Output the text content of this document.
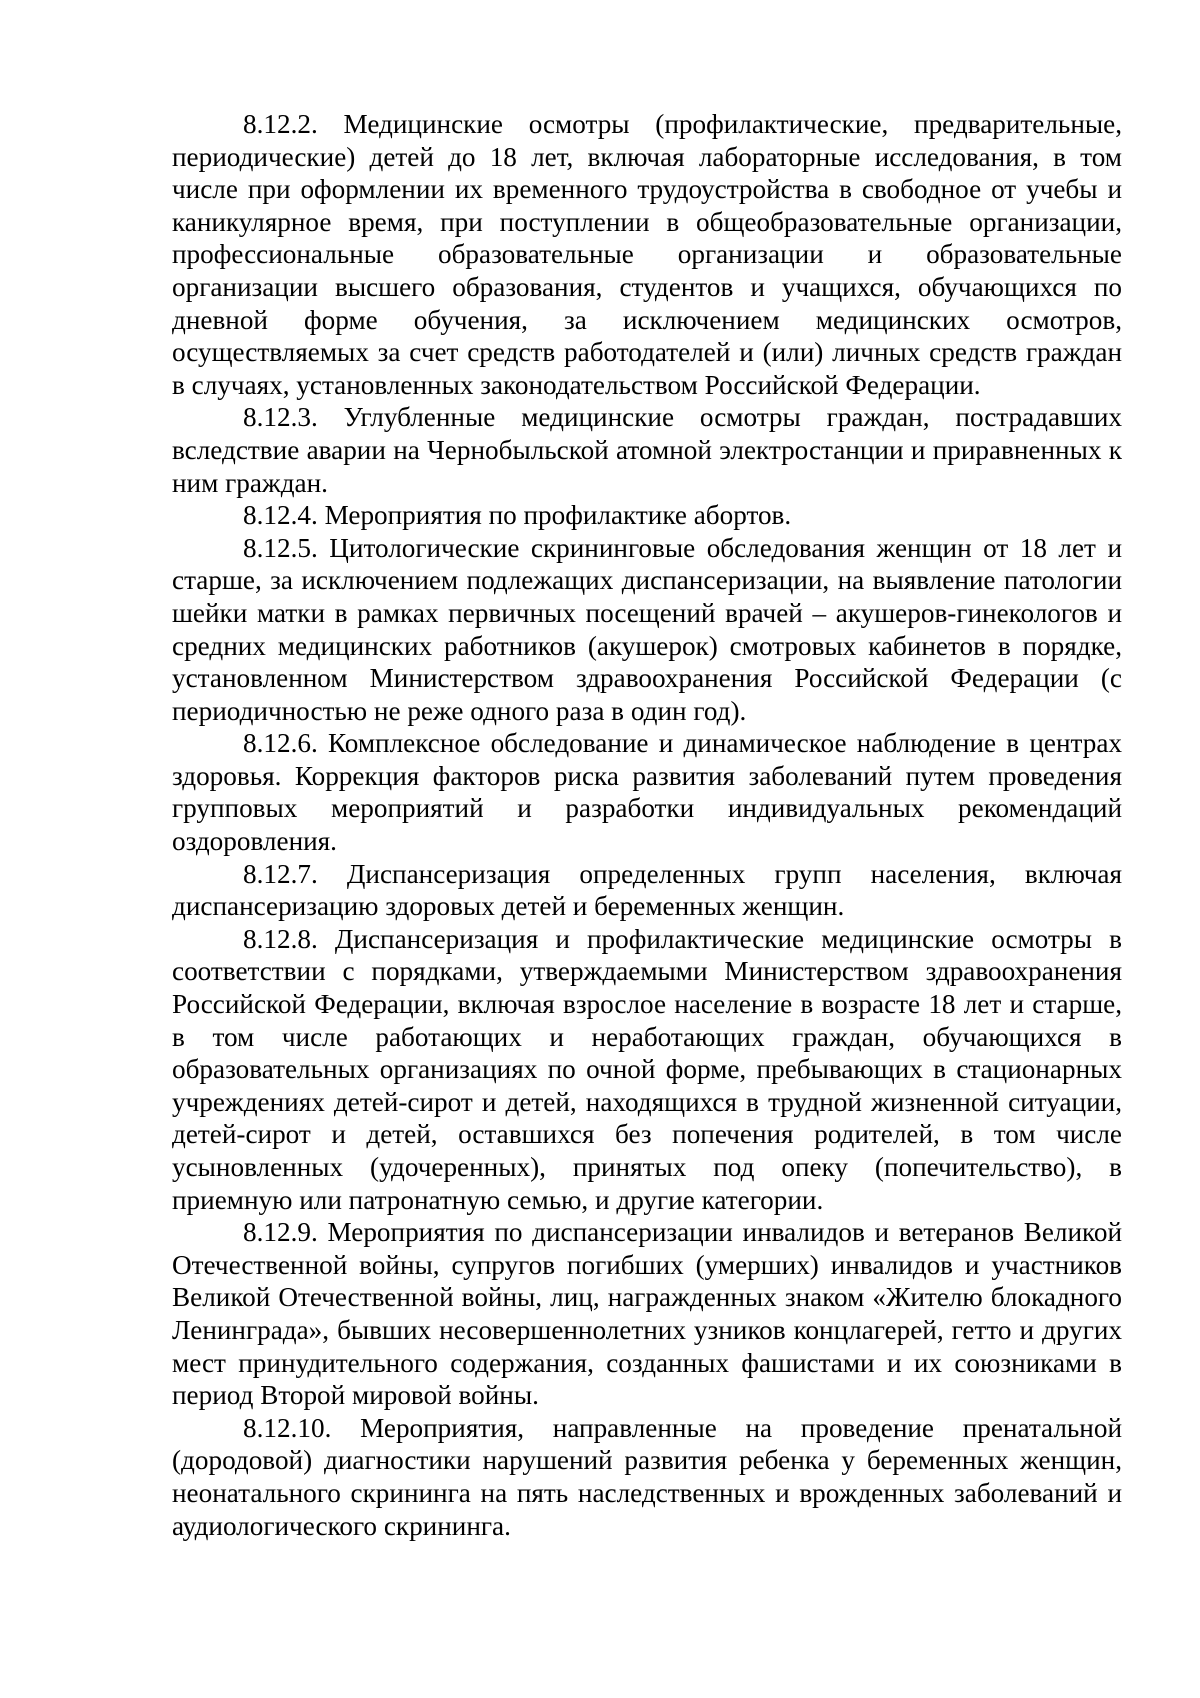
8.12.2. Медицинские осмотры (профилактические, предварительные, периодические) детей до 18 лет, включая лабораторные исследования, в том числе при оформлении их временного трудоустройства в свободное от учебы и каникулярное время, при поступлении в общеобразовательные организации, профессиональные образовательные организации и образовательные организации высшего образования, студентов и учащихся, обучающихся по дневной форме обучения, за исключением медицинских осмотров, осуществляемых за счет средств работодателей и (или) личных средств граждан в случаях, установленных законодательством Российской Федерации.

8.12.3. Углубленные медицинские осмотры граждан, пострадавших вследствие аварии на Чернобыльской атомной электростанции и приравненных к ним граждан.

8.12.4. Мероприятия по профилактике абортов.

8.12.5. Цитологические скрининговые обследования женщин от 18 лет и старше, за исключением подлежащих диспансеризации, на выявление патологии шейки матки в рамках первичных посещений врачей – акушеров-гинекологов и средних медицинских работников (акушерок) смотровых кабинетов в порядке, установленном Министерством здравоохранения Российской Федерации (с периодичностью не реже одного раза в один год).

8.12.6. Комплексное обследование и динамическое наблюдение в центрах здоровья. Коррекция факторов риска развития заболеваний путем проведения групповых мероприятий и разработки индивидуальных рекомендаций оздоровления.

8.12.7. Диспансеризация определенных групп населения, включая диспансеризацию здоровых детей и беременных женщин.

8.12.8. Диспансеризация и профилактические медицинские осмотры в соответствии с порядками, утверждаемыми Министерством здравоохранения Российской Федерации, включая взрослое население в возрасте 18 лет и старше, в том числе работающих и неработающих граждан, обучающихся в образовательных организациях по очной форме, пребывающих в стационарных учреждениях детей-сирот и детей, находящихся в трудной жизненной ситуации, детей-сирот и детей, оставшихся без попечения родителей, в том числе усыновленных (удочеренных), принятых под опеку (попечительство), в приемную или патронатную семью, и другие категории.

8.12.9. Мероприятия по диспансеризации инвалидов и ветеранов Великой Отечественной войны, супругов погибших (умерших) инвалидов и участников Великой Отечественной войны, лиц, награжденных знаком «Жителю блокадного Ленинграда», бывших несовершеннолетних узников концлагерей, гетто и других мест принудительного содержания, созданных фашистами и их союзниками в период Второй мировой войны.

8.12.10. Мероприятия, направленные на проведение пренатальной (дородовой) диагностики нарушений развития ребенка у беременных женщин, неонатального скрининга на пять наследственных и врожденных заболеваний и аудиологического скрининга.
